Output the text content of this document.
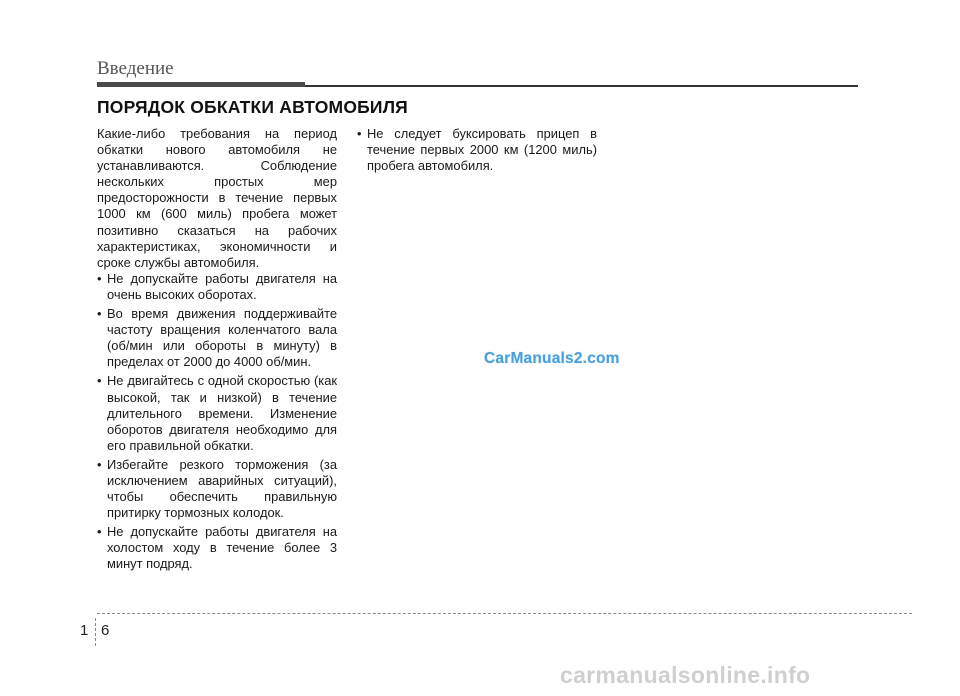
Введение
ПОРЯДОК ОБКАТКИ АВТОМОБИЛЯ

Какие-либо требования на период обкатки нового автомобиля не устанавливаются. Соблюдение нескольких простых мер предосторожности в течение первых 1000 км (600 миль) пробега может позитивно сказаться на рабочих характеристиках, экономичности и сроке службы автомобиля.

• Не допускайте работы двигателя на очень высоких оборотах.
• Во время движения поддерживайте частоту вращения коленчатого вала (об/мин или обороты в минуту) в пределах от 2000 до 4000 об/мин.
• Не двигайтесь с одной скоростью (как высокой, так и низкой) в течение длительного времени. Изменение оборотов двигателя необходимо для его правильной обкатки.
• Избегайте резкого торможения (за исключением аварийных ситуаций), чтобы обеспечить правильную притирку тормозных колодок.
• Не допускайте работы двигателя на холостом ходу в течение более 3 минут подряд.
• Не следует буксировать прицеп в течение первых 2000 км (1200 миль) пробега автомобиля.
CarManuals2.com
1 6
carmanualsonline.info
